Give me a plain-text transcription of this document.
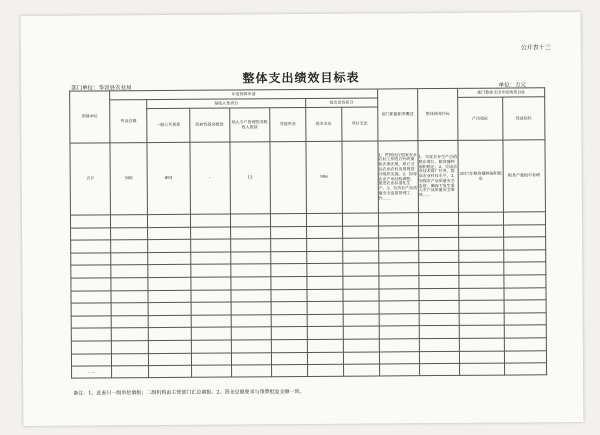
公开表十三
整体支出绩效目标表
部门单位：华容县农业局	单位：万元
预算单位	年度预算申请							部门职能职责概述	整体绩效目标	部门整体支出年度绩效目标	
	资金总额	按收入性质分				按支出性质分				产出指标	效益指标
		一般公共预算	政府性基金拨款	纳入专户管理的非税收入拨款	其他资金	基本支出	项目支出				
合计	906	893	-	13		906		1、贯彻执行国家农业农村工作的方针政策和法律法规，拟订全县农业农村发展规划并组织实施。2、指导农业产业结构调整，推进农业标准化生产。3、负责农产品质量安全监督管理工作……	1、年度农业生产总值稳步增长，粮食播种面积稳定。2、完成农业技术推广任务，提高农业科技水平。3、加强农产品质量安全监管，确保不发生重大农产品质量安全事故……	2017年粮食播种面积稳定	粮食产量稳中有增

……											
备注：1、此表只一级单位填报；二级机构由主管部门汇总填报。2、资金总额要求与预算批复金额一致。
